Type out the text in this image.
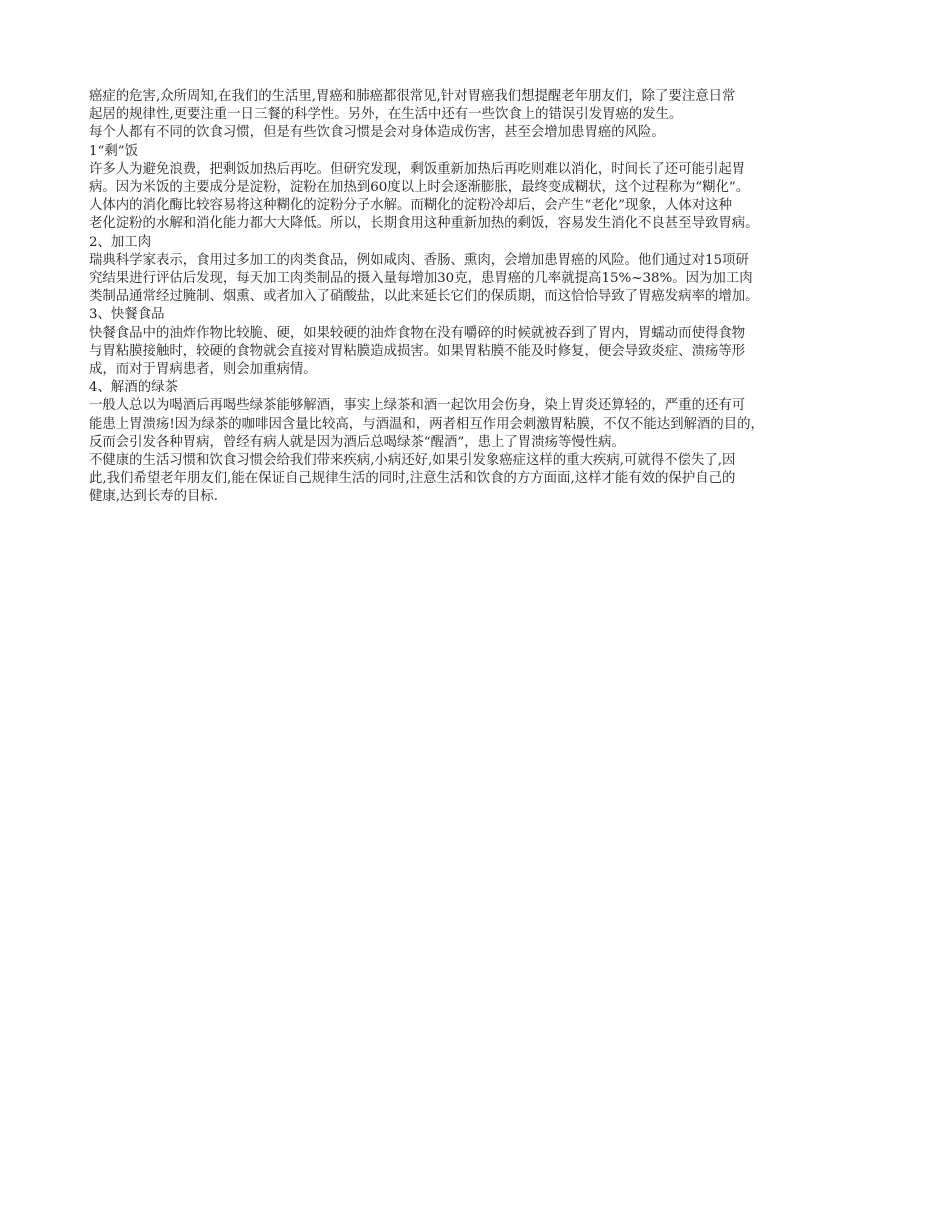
癌症的危害,众所周知,在我们的生活里,胃癌和肺癌都很常见,针对胃癌我们想提醒老年朋友们，除了要注意日常
起居的规律性,更要注重一日三餐的科学性。另外，在生活中还有一些饮食上的错误引发胃癌的发生。
每个人都有不同的饮食习惯，但是有些饮食习惯是会对身体造成伤害，甚至会增加患胃癌的风险。
1“剩”饭
许多人为避免浪费，把剩饭加热后再吃。但研究发现，剩饭重新加热后再吃则难以消化，时间长了还可能引起胃
病。因为米饭的主要成分是淀粉，淀粉在加热到60度以上时会逐渐膨胀，最终变成糊状，这个过程称为“糊化”。
人体内的消化酶比较容易将这种糊化的淀粉分子水解。而糊化的淀粉冷却后，会产生“老化”现象，人体对这种
老化淀粉的水解和消化能力都大大降低。所以，长期食用这种重新加热的剩饭，容易发生消化不良甚至导致胃病。
2、加工肉
瑞典科学家表示，食用过多加工的肉类食品，例如咸肉、香肠、熏肉，会增加患胃癌的风险。他们通过对15项研
究结果进行评估后发现，每天加工肉类制品的摄入量每增加30克，患胃癌的几率就提高15%~38%。因为加工肉
类制品通常经过腌制、烟熏、或者加入了硝酸盐，以此来延长它们的保质期，而这恰恰导致了胃癌发病率的增加。
3、快餐食品
快餐食品中的油炸作物比较脆、硬，如果较硬的油炸食物在没有嚼碎的时候就被吞到了胃内，胃蠕动而使得食物
与胃粘膜接触时，较硬的食物就会直接对胃粘膜造成损害。如果胃粘膜不能及时修复，便会导致炎症、溃疡等形
成，而对于胃病患者，则会加重病情。
4、解酒的绿茶
一般人总以为喝酒后再喝些绿茶能够解酒，事实上绿茶和酒一起饮用会伤身，染上胃炎还算轻的，严重的还有可
能患上胃溃疡!因为绿茶的咖啡因含量比较高，与酒温和，两者相互作用会刺激胃粘膜，不仅不能达到解酒的目的，
反而会引发各种胃病，曾经有病人就是因为酒后总喝绿茶“醒酒”，患上了胃溃疡等慢性病。
不健康的生活习惯和饮食习惯会给我们带来疾病,小病还好,如果引发象癌症这样的重大疾病,可就得不偿失了,因
此,我们希望老年朋友们,能在保证自己规律生活的同时,注意生活和饮食的方方面面,这样才能有效的保护自己的
健康,达到长寿的目标.
